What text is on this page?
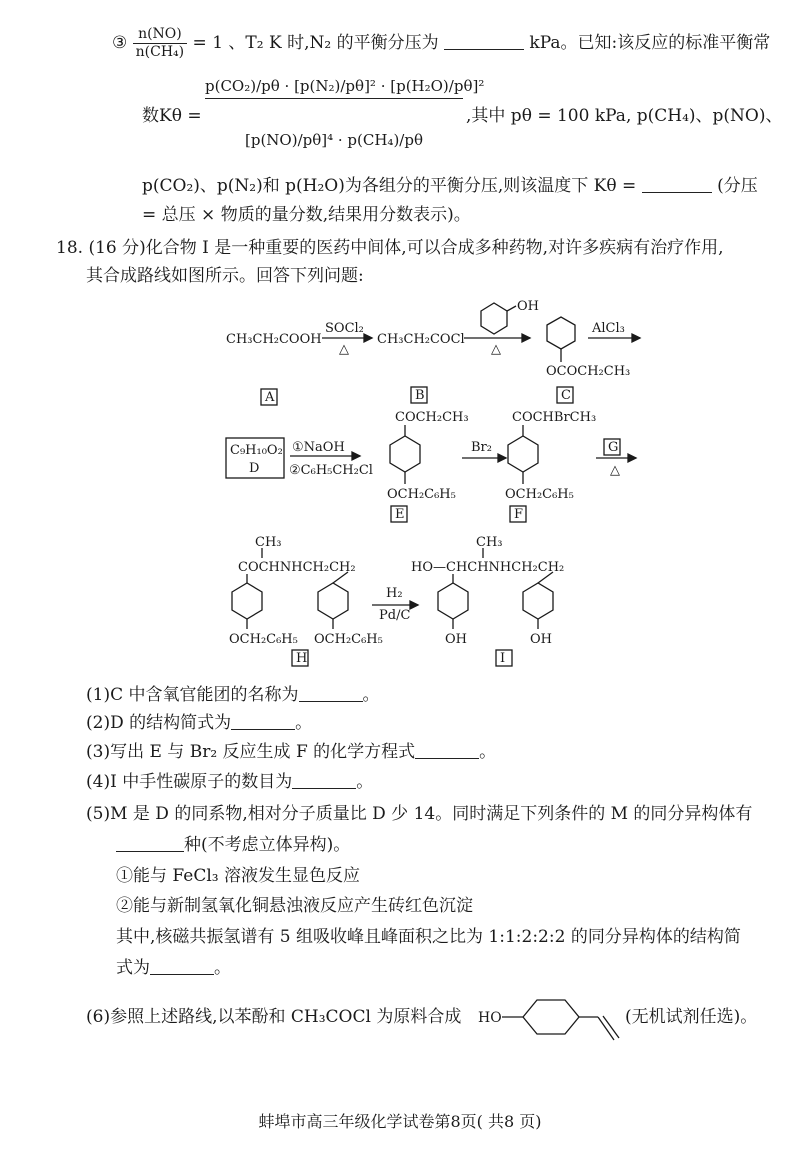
③ $\frac{n(NO)}{\text{n(CH₄)}} = 1$ 、T₂ K 时,N₂ 的平衡分压为	kPa。已知:该反应的标准平衡常
数Kθ =
p(CO₂)/pθ · [p(N₂)/pθ]² · [p(H₂O)/pθ]²
[p(NO)/pθ]⁴ · p(CH₄)/pθ
,其中 pθ = 100 kPa, p(CH₄)、p(NO)、
p(CO₂)、p(N₂)和 p(H₂O)为各组分的平衡分压,则该温度下 Kθ =	(分压
= 总压 × 物质的量分数,结果用分数表示)。
18. (16 分)化合物 I 是一种重要的医药中间体,可以合成多种药物,对许多疾病有治疗作用,
其合成路线如图所示。回答下列问题:
CH₃CH₂COOH
SOCl₂
△
CH₃CH₂COCl
OH
△
AlCl₃
OCOCH₂CH₃
A	B	C
C₉H₁₀O₂
D
①NaOH
②C₆H₅CH₂Cl
COCH₂CH₃
OCH₂C₆H₅
E
Br₂
COCHBrCH₃
OCH₂C₆H₅
F
G
△
CH₃
COCHNHCH₂CH₂
OCH₂C₆H₅ OCH₂C₆H₅
H
H₂
Pd/C
CH₃
HO—CHCHNHCH₂CH₂
OH	OH
I
HO
(1)C 中含氧官能团的名称为	。
(2)D 的结构简式为	。
(3)写出 E 与 Br₂ 反应生成 F 的化学方程式	。
(4)I 中手性碳原子的数目为	。
(5)M 是 D 的同系物,相对分子质量比 D 少 14。同时满足下列条件的 M 的同分异构体有
种(不考虑立体异构)。
①能与 FeCl₃ 溶液发生显色反应
②能与新制氢氧化铜悬浊液反应产生砖红色沉淀
其中,核磁共振氢谱有 5 组吸收峰且峰面积之比为 1:1:2:2:2 的同分异构体的结构简
式为	。
(6)参照上述路线,以苯酚和 CH₃COCl 为原料合成	(无机试剂任选)。
蚌埠市高三年级化学试卷第8页( 共8 页)
